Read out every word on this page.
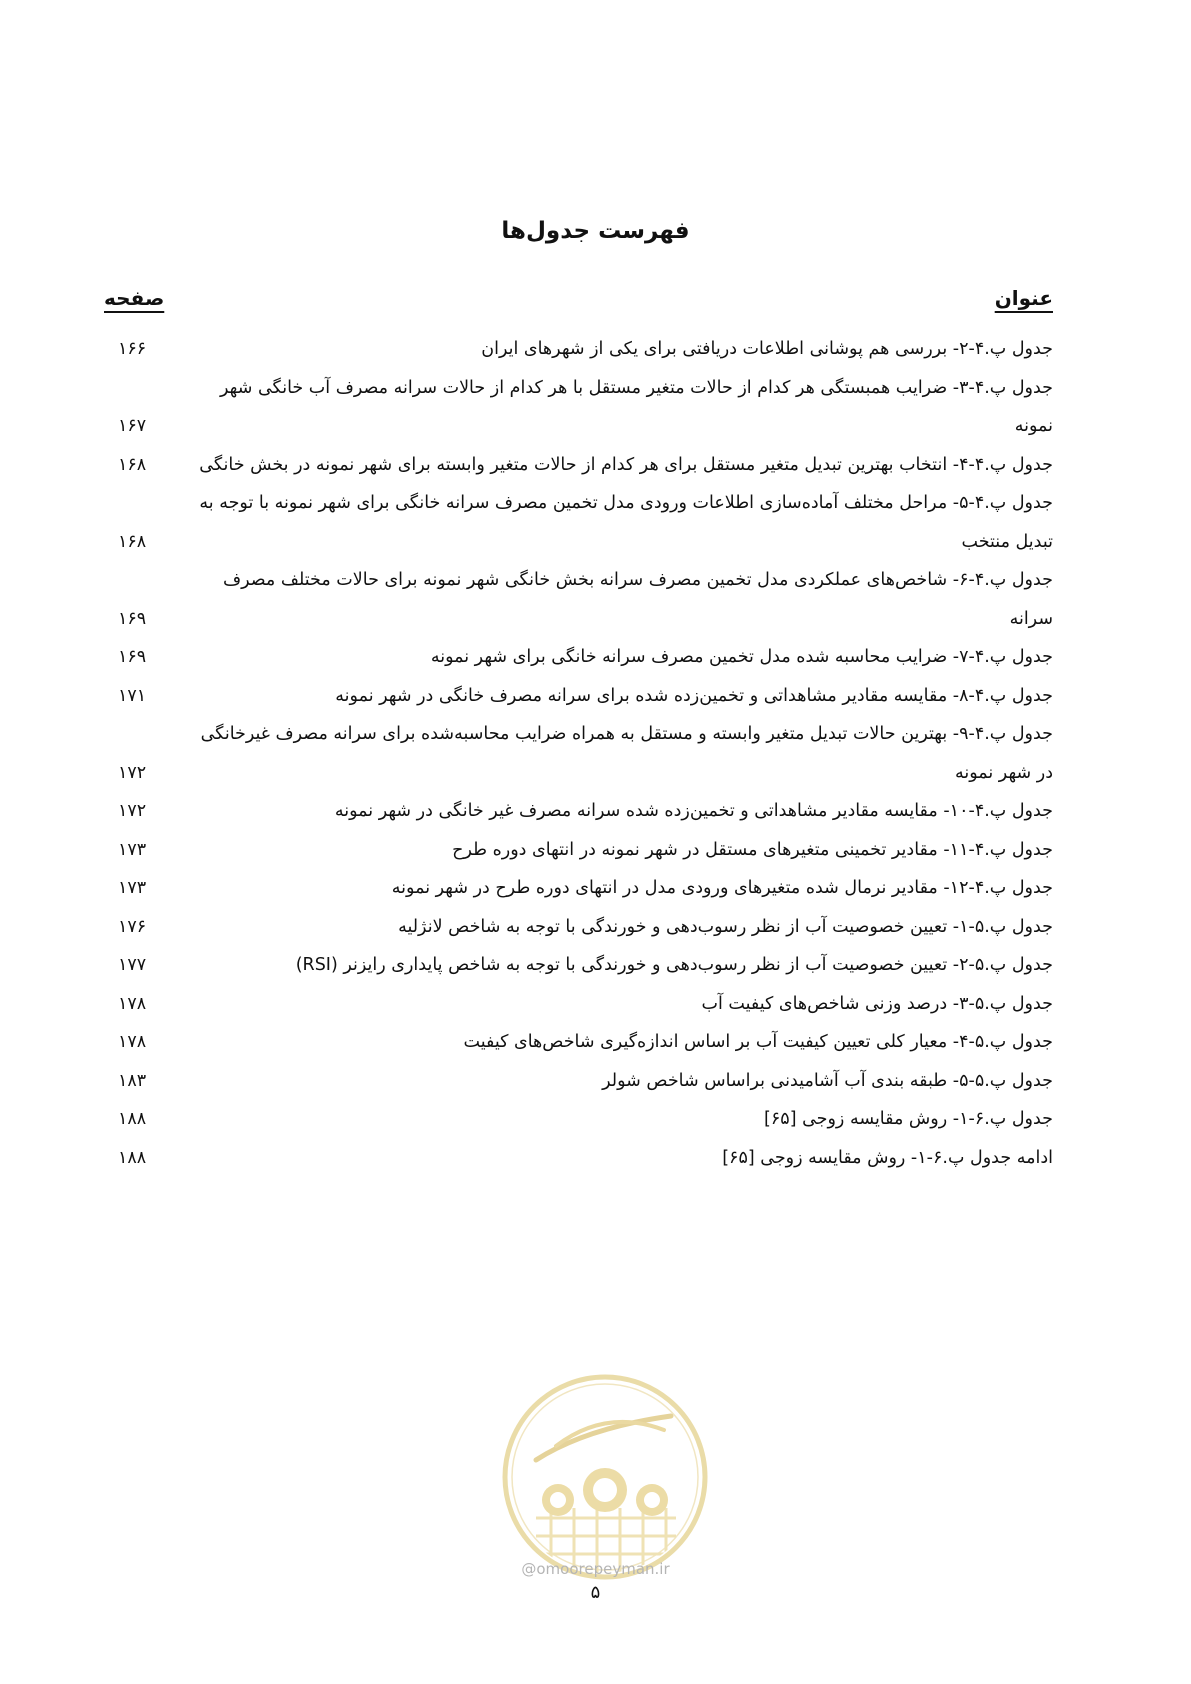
فهرست جدول‌ها
عنوان
صفحه
جدول پ.۴-۲- بررسی هم پوشانی اطلاعات دریافتی برای یکی از شهرهای ایران
۱۶۶
جدول پ.۴-۳- ضرایب همبستگی هر کدام از حالات متغیر مستقل با هر کدام از حالات سرانه مصرف آب خانگی شهر نمونه
۱۶۷
جدول پ.۴-۴- انتخاب بهترین تبدیل متغیر مستقل برای هر کدام از حالات متغیر وابسته برای شهر نمونه در بخش خانگی
۱۶۸
جدول پ.۴-۵- مراحل مختلف آماده‌سازی اطلاعات ورودی مدل تخمین مصرف سرانه خانگی برای شهر نمونه با توجه به تبدیل منتخب
۱۶۸
جدول پ.۴-۶- شاخص‌های عملکردی مدل تخمین مصرف سرانه بخش خانگی شهر نمونه برای حالات مختلف مصرف سرانه
۱۶۹
جدول پ.۴-۷- ضرایب محاسبه شده مدل تخمین مصرف سرانه خانگی برای شهر نمونه
۱۶۹
جدول پ.۴-۸- مقایسه مقادیر مشاهداتی و تخمین‌زده شده برای سرانه مصرف خانگی در شهر نمونه
۱۷۱
جدول پ.۴-۹- بهترین حالات تبدیل متغیر وابسته و مستقل به همراه ضرایب محاسبه‌شده برای سرانه مصرف غیرخانگی در شهر نمونه
۱۷۲
جدول پ.۴-۱۰- مقایسه مقادیر مشاهداتی و تخمین‌زده شده سرانه مصرف غیر خانگی در شهر نمونه
۱۷۲
جدول پ.۴-۱۱- مقادیر تخمینی متغیرهای مستقل در شهر نمونه در انتهای دوره طرح
۱۷۳
جدول پ.۴-۱۲- مقادیر نرمال شده متغیرهای ورودی مدل در انتهای دوره طرح در شهر نمونه
۱۷۳
جدول پ.۵-۱- تعیین خصوصیت آب از نظر رسوب‌دهی و خورندگی با توجه به شاخص لانژلیه
۱۷۶
جدول پ.۵-۲- تعیین خصوصیت آب از نظر رسوب‌دهی و خورندگی با توجه به شاخص پایداری رایزنر (RSI)
۱۷۷
جدول پ.۵-۳- درصد وزنی شاخص‌های کیفیت آب
۱۷۸
جدول پ.۵-۴- معیار کلی تعیین کیفیت آب بر اساس اندازه‌گیری شاخص‌های کیفیت
۱۷۸
جدول پ.۵-۵- طبقه بندی آب آشامیدنی براساس شاخص شولر
۱۸۳
جدول پ.۶-۱- روش مقایسه زوجی [۶۵]
۱۸۸
ادامه جدول پ.۶-۱- روش مقایسه زوجی [۶۵]
۱۸۸
@omoorepeyman.ir
۵
